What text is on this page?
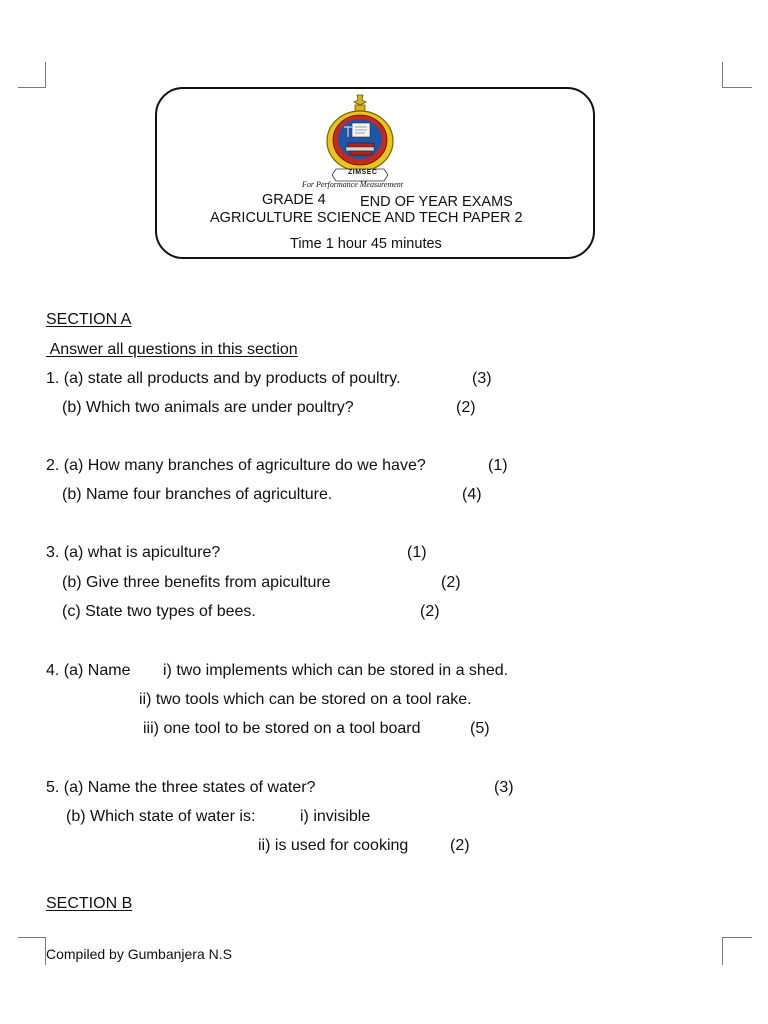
ZIMSEC
For Performance Measurement
GRADE 4 END OF YEAR EXAMS
AGRICULTURE SCIENCE AND TECH PAPER 2
Time 1 hour 45 minutes
SECTION A
Answer all questions in this section
1. (a) state all products and by products of poultry.	(3)
(b) Which two animals are under poultry?	(2)
2. (a) How many branches of agriculture do we have?	(1)
(b) Name four branches of agriculture.	(4)
3. (a) what is apiculture?	(1)
(b) Give three benefits from apiculture	(2)
(c) State two types of bees.	(2)
4. (a) Name i) two implements which can be stored in a shed.
ii) two tools which can be stored on a tool rake.
iii) one tool to be stored on a tool board	(5)
5. (a) Name the three states of water?	(3)
(b) Which state of water is:	i) invisible
ii) is used for cooking	(2)
SECTION B
Compiled by Gumbanjera N.S
